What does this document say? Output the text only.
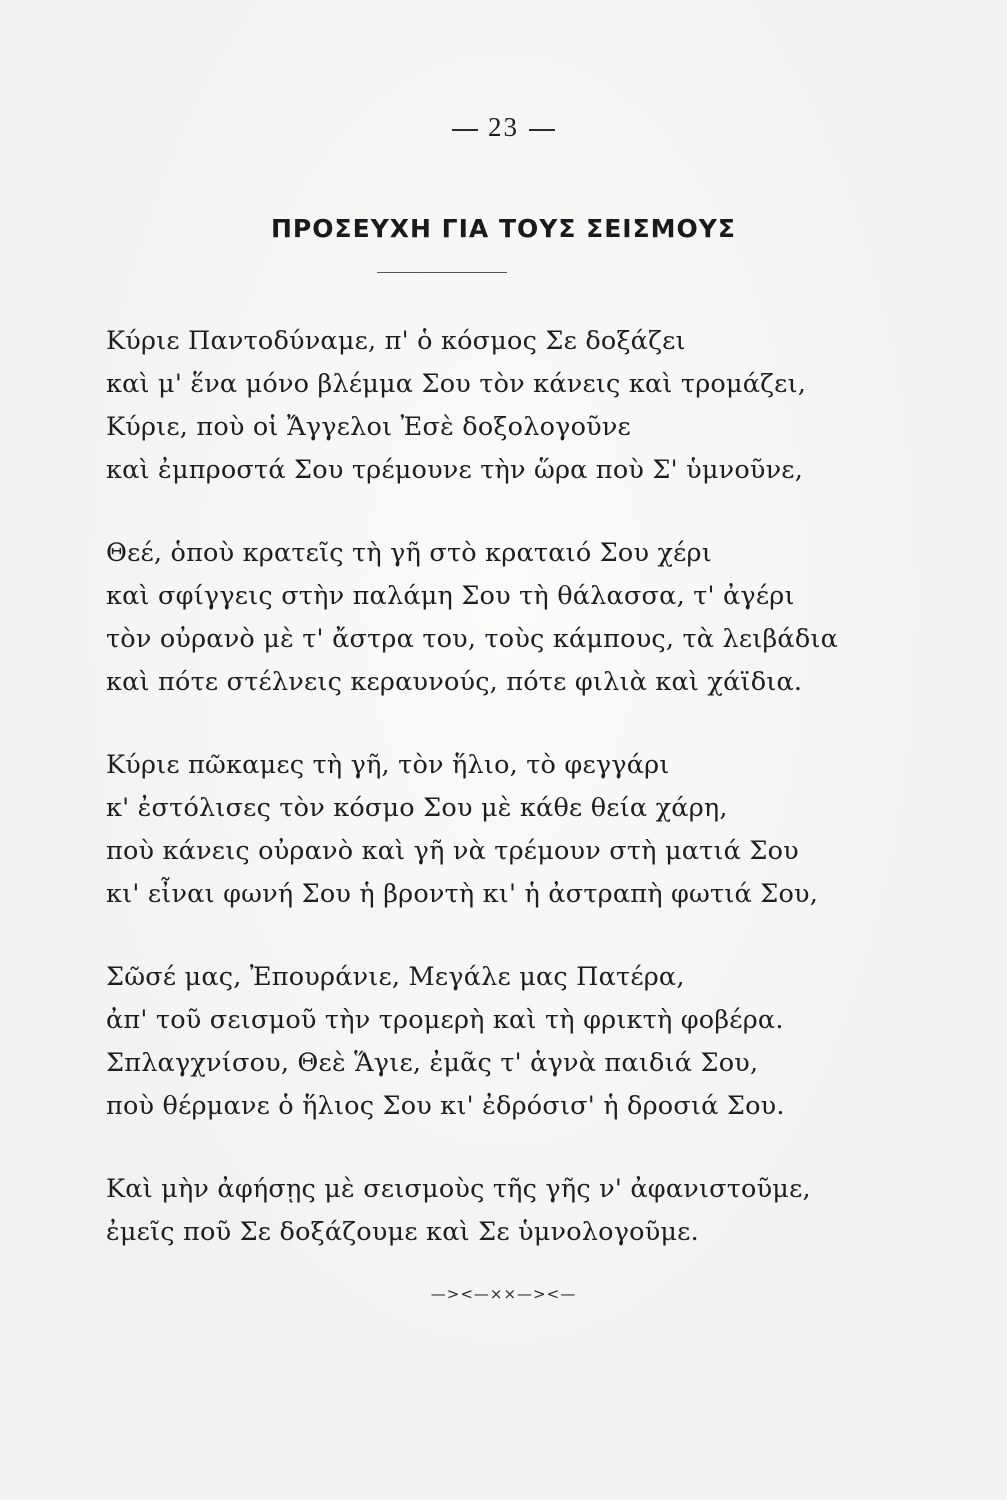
23
ΠΡΟΣΕΥΧΗ ΓΙΑ ΤΟΥΣ ΣΕΙΣΜΟΥΣ
Κύριε Παντοδύναμε, π' ὁ κόσμος Σε δοξάζει
καὶ μ' ἕνα μόνο βλέμμα Σου τὸν κάνεις καὶ τρομάζει,
Κύριε, ποὺ οἱ Ἄγγελοι Ἐσὲ δοξολογοῦνε
καὶ ἐμπροστά Σου τρέμουνε τὴν ὥρα ποὺ Σ' ὑμνοῦνε,
Θεέ, ὁποὺ κρατεῖς τὴ γῆ στὸ κραταιό Σου χέρι
καὶ σφίγγεις στὴν παλάμη Σου τὴ θάλασσα, τ' ἀγέρι
τὸν οὐρανὸ μὲ τ' ἄστρα του, τοὺς κάμπους, τὰ λειβάδια
καὶ πότε στέλνεις κεραυνούς, πότε φιλιὰ καὶ χάϊδια.
Κύριε πῶκαμες τὴ γῆ, τὸν ἥλιο, τὸ φεγγάρι
κ' ἐστόλισες τὸν κόσμο Σου μὲ κάθε θεία χάρη,
ποὺ κάνεις οὐρανὸ καὶ γῆ νὰ τρέμουν στὴ ματιά Σου
κι' εἶναι φωνή Σου ἡ βροντὴ κι' ἡ ἀστραπὴ φωτιά Σου,
Σῶσέ μας, Ἐπουράνιε, Μεγάλε μας Πατέρα,
ἀπ' τοῦ σεισμοῦ τὴν τρομερὴ καὶ τὴ φρικτὴ φοβέρα.
Σπλαγχνίσου, Θεὲ Ἅγιε, ἐμᾶς τ' ἁγνὰ παιδιά Σου,
ποὺ θέρμανε ὁ ἥλιος Σου κι' ἐδρόσισ' ἡ δροσιά Σου.
Καὶ μὴν ἀφήσῃς μὲ σεισμοὺς τῆς γῆς ν' ἀφανιστοῦμε,
ἐμεῖς ποῦ Σε δοξάζουμε καὶ Σε ὑμνολογοῦμε.
—><—××—><—
